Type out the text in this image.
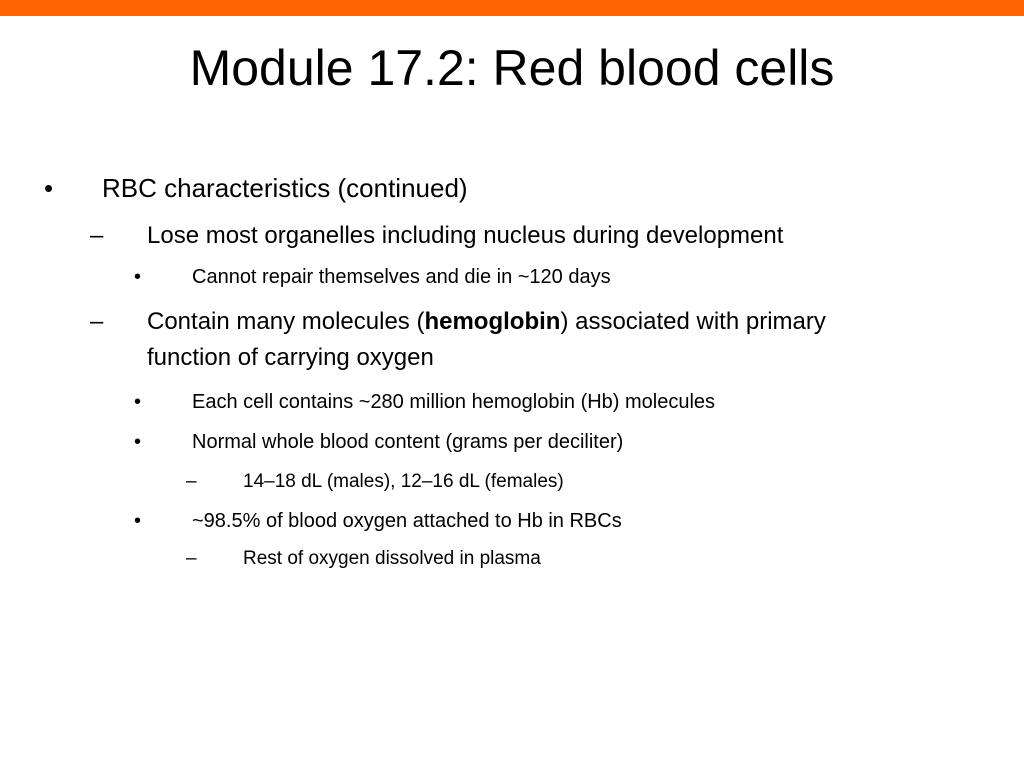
Module 17.2: Red blood cells
• RBC characteristics (continued)
– Lose most organelles including nucleus during development
•	Cannot repair themselves and die in ~120 days
– Contain many molecules (hemoglobin) associated with primary function of carrying oxygen
•	Each cell contains ~280 million hemoglobin (Hb) molecules
•	Normal whole blood content (grams per deciliter)
– 14–18 dL (males), 12–16 dL (females)
•	~98.5% of blood oxygen attached to Hb in RBCs
– Rest of oxygen dissolved in plasma
